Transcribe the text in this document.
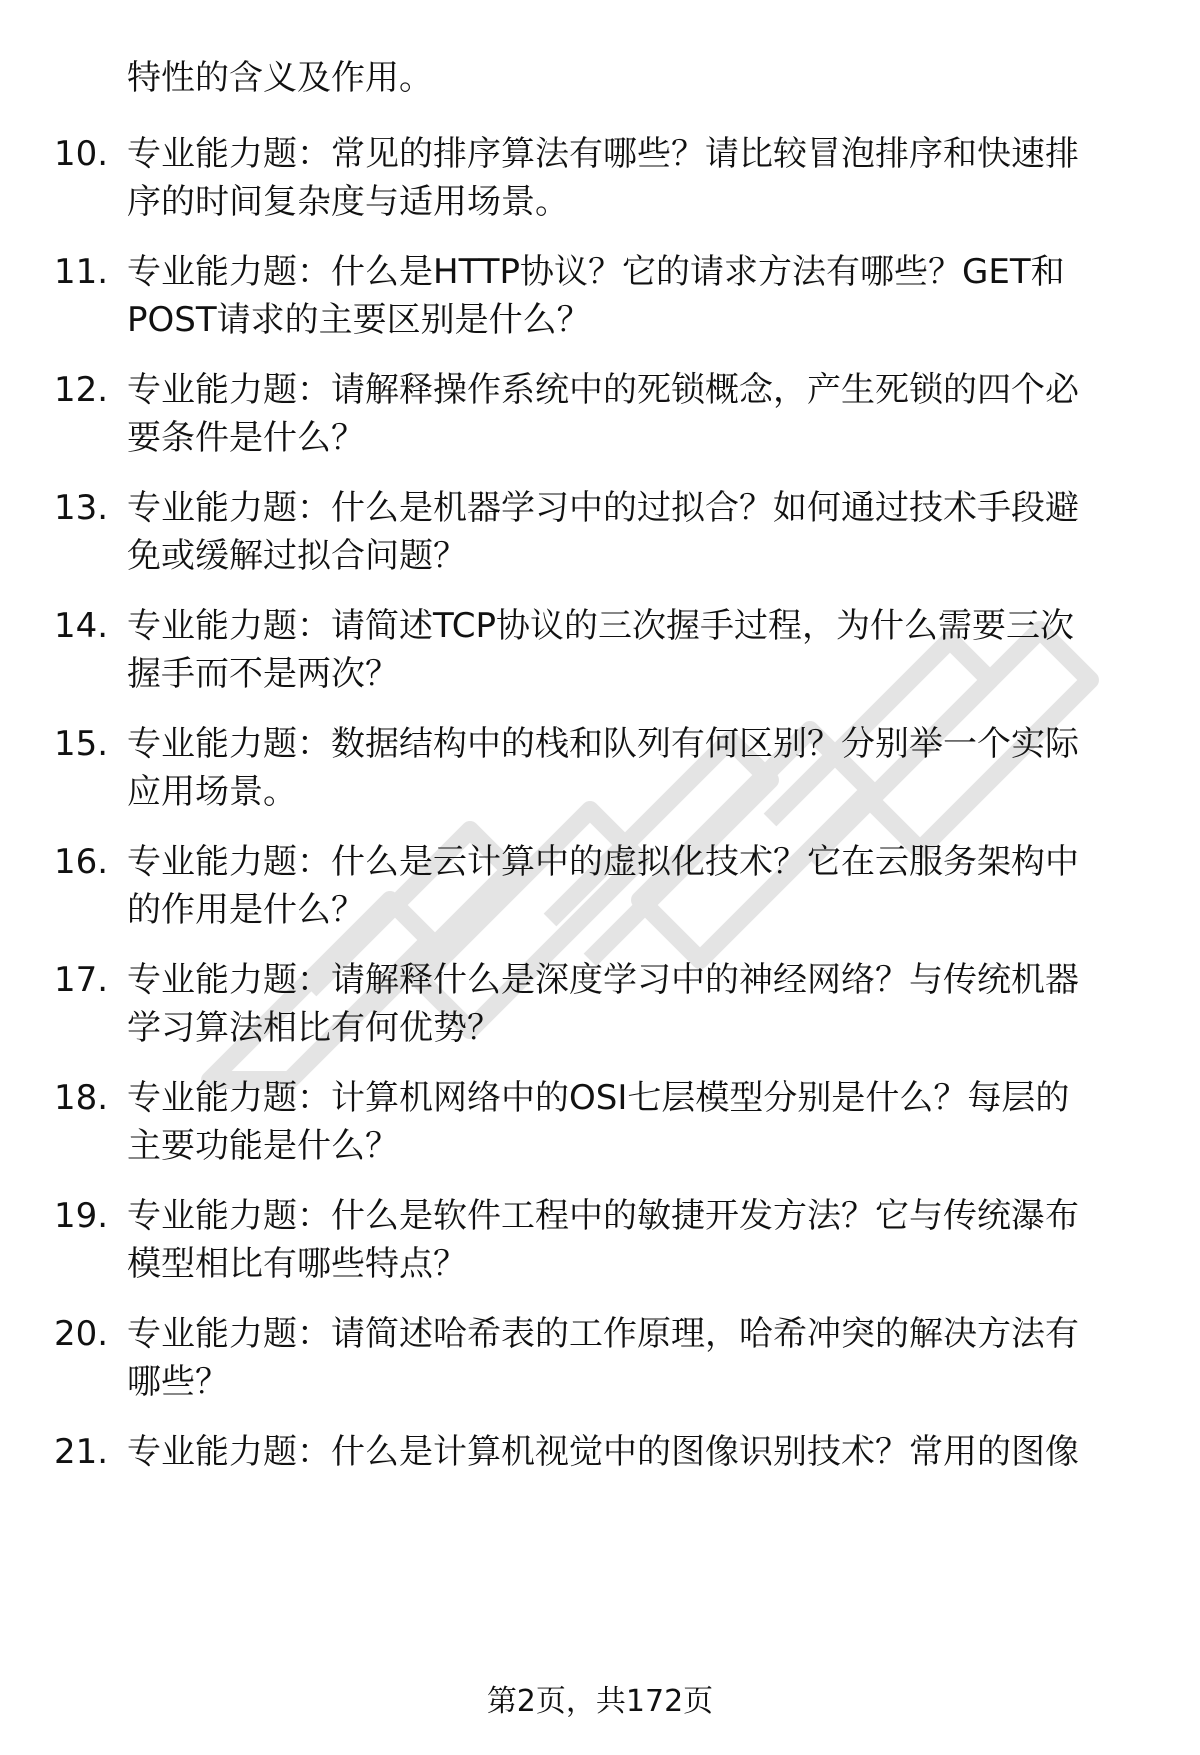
特性的含义及作用。
10. 专业能力题：常见的排序算法有哪些？请比较冒泡排序和快速排
序的时间复杂度与适用场景。
11. 专业能力题：什么是HTTP协议？它的请求方法有哪些？GET和
POST请求的主要区别是什么？
12. 专业能力题：请解释操作系统中的死锁概念，产生死锁的四个必
要条件是什么？
13. 专业能力题：什么是机器学习中的过拟合？如何通过技术手段避
免或缓解过拟合问题？
14. 专业能力题：请简述TCP协议的三次握手过程，为什么需要三次
握手而不是两次？
15. 专业能力题：数据结构中的栈和队列有何区别？分别举一个实际
应用场景。
16. 专业能力题：什么是云计算中的虚拟化技术？它在云服务架构中
的作用是什么？
17. 专业能力题：请解释什么是深度学习中的神经网络？与传统机器
学习算法相比有何优势？
18. 专业能力题：计算机网络中的OSI七层模型分别是什么？每层的
主要功能是什么？
19. 专业能力题：什么是软件工程中的敏捷开发方法？它与传统瀑布
模型相比有哪些特点？
20. 专业能力题：请简述哈希表的工作原理，哈希冲突的解决方法有
哪些？
21. 专业能力题：什么是计算机视觉中的图像识别技术？常用的图像
第2页，共172页
